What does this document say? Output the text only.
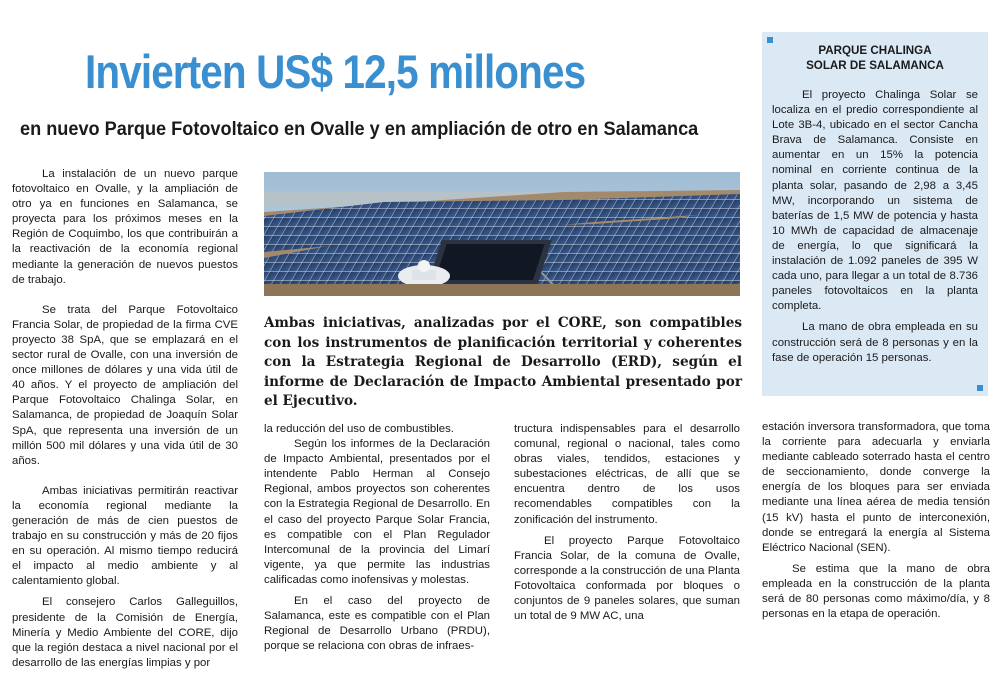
Invierten US$ 12,5 millones
en nuevo Parque Fotovoltaico en Ovalle y en ampliación de otro en Salamanca

La instalación de un nuevo parque fotovoltaico en Ovalle, y la ampliación de otro ya en funciones en Salamanca, se proyecta para los próximos meses en la Región de Coquimbo, los que contribuirán a la reactivación de la economía regional mediante la generación de nuevos puestos de trabajo.

Se trata del Parque Fotovoltaico Francia Solar, de propiedad de la firma CVE proyecto 38 SpA, que se emplazará en el sector rural de Ovalle, con una inversión de once millones de dólares y una vida útil de 40 años. Y el proyecto de ampliación del Parque Fotovoltaico Chalinga Solar, en Salamanca, de propiedad de Joaquín Solar SpA, que representa una inversión de un millón 500 mil dólares y una vida útil de 30 años.

Ambas iniciativas permitirán reactivar la economía regional mediante la generación de más de cien puestos de trabajo en su construcción y más de 20 fijos en su operación. Al mismo tiempo reducirá el impacto al medio ambiente y al calentamiento global.

El consejero Carlos Galleguillos, presidente de la Comisión de Energía, Minería y Medio Ambiente del CORE, dijo que la región destaca a nivel nacional por el desarrollo de las energías limpias y por

Ambas iniciativas, analizadas por el CORE, son compatibles con los instrumentos de planificación territorial y coherentes con la Estrategia Regional de Desarrollo (ERD), según el informe de Declaración de Impacto Ambiental presentado por el Ejecutivo.

la reducción del uso de combustibles.

Según los informes de la Declaración de Impacto Ambiental, presentados por el intendente Pablo Herman al Consejo Regional, ambos proyectos son coherentes con la Estrategia Regional de Desarrollo. En el caso del proyecto Parque Solar Francia, es compatible con el Plan Regulador Intercomunal de la provincia del Limarí vigente, ya que permite las industrias calificadas como inofensivas y molestas.

En el caso del proyecto de Salamanca, este es compatible con el Plan Regional de Desarrollo Urbano (PRDU), porque se relaciona con obras de infraes-

tructura indispensables para el desarrollo comunal, regional o nacional, tales como obras viales, tendidos, estaciones y subestaciones eléctricas, de allí que se encuentra dentro de los usos recomendables compatibles con la zonificación del instrumento.

El proyecto Parque Fotovoltaico Francia Solar, de la comuna de Ovalle, corresponde a la construcción de una Planta Fotovoltaica conformada por bloques o conjuntos de 9 paneles solares, que suman un total de 9 MW AC, una

estación inversora transformadora, que toma la corriente para adecuarla y enviarla mediante cableado soterrado hasta el centro de seccionamiento, donde converge la energía de los bloques para ser enviada mediante una línea aérea de media tensión (15 kV) hasta el punto de interconexión, donde se entregará la energía al Sistema Eléctrico Nacional (SEN).

Se estima que la mano de obra empleada en la construcción de la planta será de 80 personas como máximo/día, y 8 personas en la etapa de operación.

PARQUE CHALINGA
SOLAR DE SALAMANCA

El proyecto Chalinga Solar se localiza en el predio correspondiente al Lote 3B-4, ubicado en el sector Cancha Brava de Salamanca. Consiste en aumentar en un 15% la potencia nominal en corriente continua de la planta solar, pasando de 2,98 a 3,45 MW, incorporando un sistema de baterías de 1,5 MW de potencia y hasta 10 MWh de capacidad de almacenaje de energía, lo que significará la instalación de 1.092 paneles de 395 W cada uno, para llegar a un total de 8.736 paneles fotovoltaicos en la planta completa.

La mano de obra empleada en su construcción será de 8 personas y en la fase de operación 15 personas.
